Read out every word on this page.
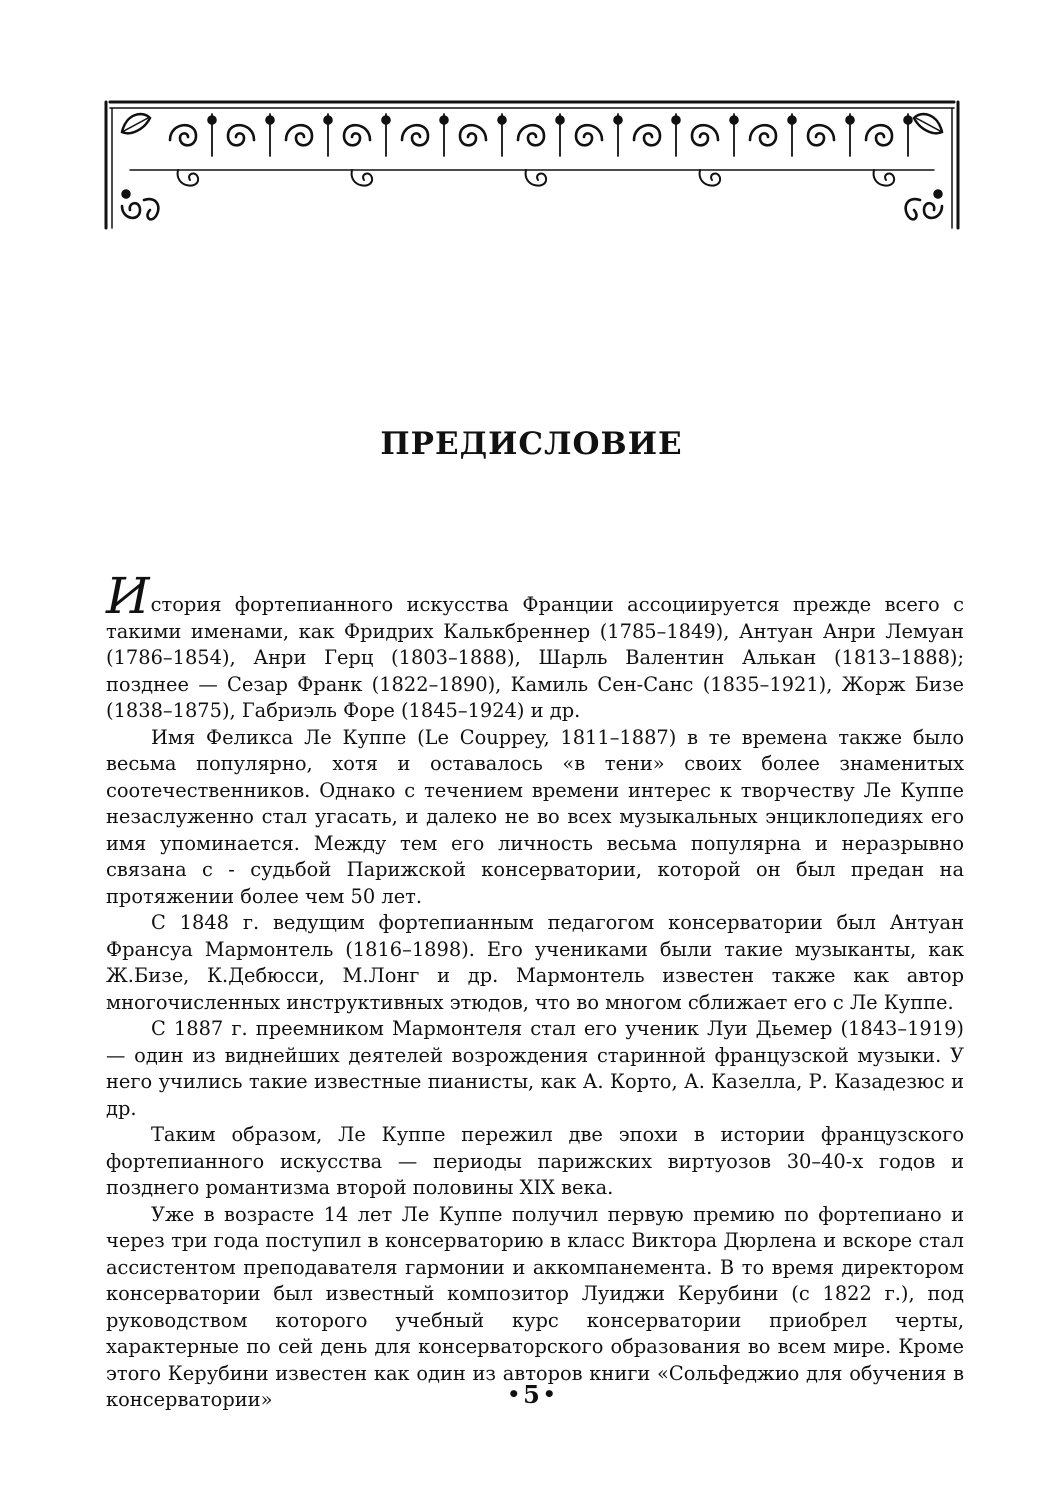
ПРЕДИСЛОВИЕ

История фортепианного искусства Франции ассоциируется прежде всего с такими именами, как Фридрих Калькбреннер (1785–1849), Антуан Анри Лемуан (1786–1854), Анри Герц (1803–1888), Шарль Валентин Алькан (1813–1888); позднее — Сезар Франк (1822–1890), Камиль Сен-Санс (1835–1921), Жорж Бизе (1838–1875), Габриэль Форе (1845–1924) и др.

Имя Феликса Ле Куппе (Le Couppey, 1811–1887) в те времена также было весьма популярно, хотя и оставалось «в тени» своих более знаменитых соотечественников. Однако с течением времени интерес к творчеству Ле Куппе незаслуженно стал угасать, и далеко не во всех музыкальных энциклопедиях его имя упоминается. Между тем его личность весьма популярна и неразрывно связана с - судьбой Парижской консерватории, которой он был предан на протяжении более чем 50 лет.

С 1848 г. ведущим фортепианным педагогом консерватории был Антуан Франсуа Мармонтель (1816–1898). Его учениками были такие музыканты, как Ж.Бизе, К.Дебюсси, М.Лонг и др. Мармонтель известен также как автор многочисленных инструктивных этюдов, что во многом сближает его с Ле Куппе.

С 1887 г. преемником Мармонтеля стал его ученик Луи Дьемер (1843–1919) — один из виднейших деятелей возрождения старинной французской музыки. У него учились такие известные пианисты, как А. Корто, А. Казелла, Р. Казадезюс и др.

Таким образом, Ле Куппе пережил две эпохи в истории французского фортепианного искусства — периоды парижских виртуозов 30–40-х годов и позднего романтизма второй половины XIX века.

Уже в возрасте 14 лет Ле Куппе получил первую премию по фортепиано и через три года поступил в консерваторию в класс Виктора Дюрлена и вскоре стал ассистентом преподавателя гармонии и аккомпанемента. В то время директором консерватории был известный композитор Луиджи Керубини (с 1822 г.), под руководством которого учебный курс консерватории приобрел черты, характерные по сей день для консерваторского образования во всем мире. Кроме этого Керубини известен как один из авторов книги «Сольфеджио для обучения в консерватории»	• 5 •
